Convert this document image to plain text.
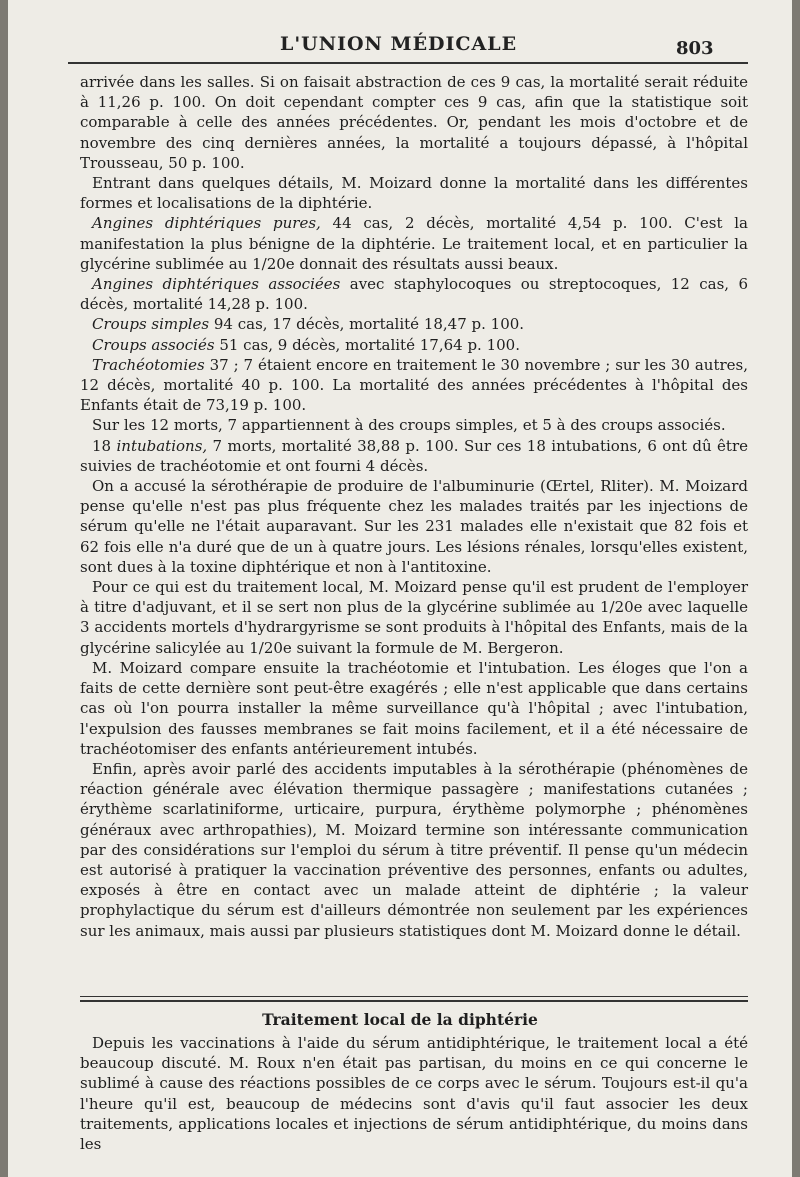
L'UNION MÉDICALE	803

arrivée dans les salles. Si on faisait abstraction de ces 9 cas, la mortalité serait réduite à 11,26 p. 100. On doit cependant compter ces 9 cas, afin que la statistique soit comparable à celle des années précédentes. Or, pendant les mois d'octobre et de novembre des cinq dernières années, la mortalité a toujours dépassé, à l'hôpital Trousseau, 50 p. 100.

Entrant dans quelques détails, M. Moizard donne la mortalité dans les différentes formes et localisations de la diphtérie.

Angines diphtériques pures, 44 cas, 2 décès, mortalité 4,54 p. 100. C'est la manifestation la plus bénigne de la diphtérie. Le traitement local, et en particulier la glycérine sublimée au 1/20e donnait des résultats aussi beaux.

Angines diphtériques associées avec staphylocoques ou streptocoques, 12 cas, 6 décès, mortalité 14,28 p. 100.

Croups simples 94 cas, 17 décès, mortalité 18,47 p. 100.

Croups associés 51 cas, 9 décès, mortalité 17,64 p. 100.

Trachéotomies 37 ; 7 étaient encore en traitement le 30 novembre ; sur les 30 autres, 12 décès, mortalité 40 p. 100. La mortalité des années précédentes à l'hôpital des Enfants était de 73,19 p. 100.

Sur les 12 morts, 7 appartiennent à des croups simples, et 5 à des croups associés.

18 intubations, 7 morts, mortalité 38,88 p. 100. Sur ces 18 intubations, 6 ont dû être suivies de trachéotomie et ont fourni 4 décès.

On a accusé la sérothérapie de produire de l'albuminurie (Œrtel, Rliter). M. Moizard pense qu'elle n'est pas plus fréquente chez les malades traités par les injections de sérum qu'elle ne l'était auparavant. Sur les 231 malades elle n'existait que 82 fois et 62 fois elle n'a duré que de un à quatre jours. Les lésions rénales, lorsqu'elles existent, sont dues à la toxine diphtérique et non à l'antitoxine.

Pour ce qui est du traitement local, M. Moizard pense qu'il est prudent de l'employer à titre d'adjuvant, et il se sert non plus de la glycérine sublimée au 1/20e avec laquelle 3 accidents mortels d'hydrargyrisme se sont produits à l'hôpital des Enfants, mais de la glycérine salicylée au 1/20e suivant la formule de M. Bergeron.

M. Moizard compare ensuite la trachéotomie et l'intubation. Les éloges que l'on a faits de cette dernière sont peut-être exagérés ; elle n'est applicable que dans certains cas où l'on pourra installer la même surveillance qu'à l'hôpital ; avec l'intubation, l'expulsion des fausses membranes se fait moins facilement, et il a été nécessaire de trachéotomiser des enfants antérieurement intubés.

Enfin, après avoir parlé des accidents imputables à la sérothérapie (phénomènes de réaction générale avec élévation thermique passagère ; manifestations cutanées ; érythème scarlatiniforme, urticaire, purpura, érythème polymorphe ; phénomènes généraux avec arthropathies), M. Moizard termine son intéressante communication par des considérations sur l'emploi du sérum à titre préventif. Il pense qu'un médecin est autorisé à pratiquer la vaccination préventive des personnes, enfants ou adultes, exposés à être en contact avec un malade atteint de diphtérie ; la valeur prophylactique du sérum est d'ailleurs démontrée non seulement par les expériences sur les animaux, mais aussi par plusieurs statistiques dont M. Moizard donne le détail.

Traitement local de la diphtérie

Depuis les vaccinations à l'aide du sérum antidiphtérique, le traitement local a été beaucoup discuté. M. Roux n'en était pas partisan, du moins en ce qui concerne le sublimé à cause des réactions possibles de ce corps avec le sérum. Toujours est-il qu'a l'heure qu'il est, beaucoup de médecins sont d'avis qu'il faut associer les deux traitements, applications locales et injections de sérum antidiphtérique, du moins dans les
